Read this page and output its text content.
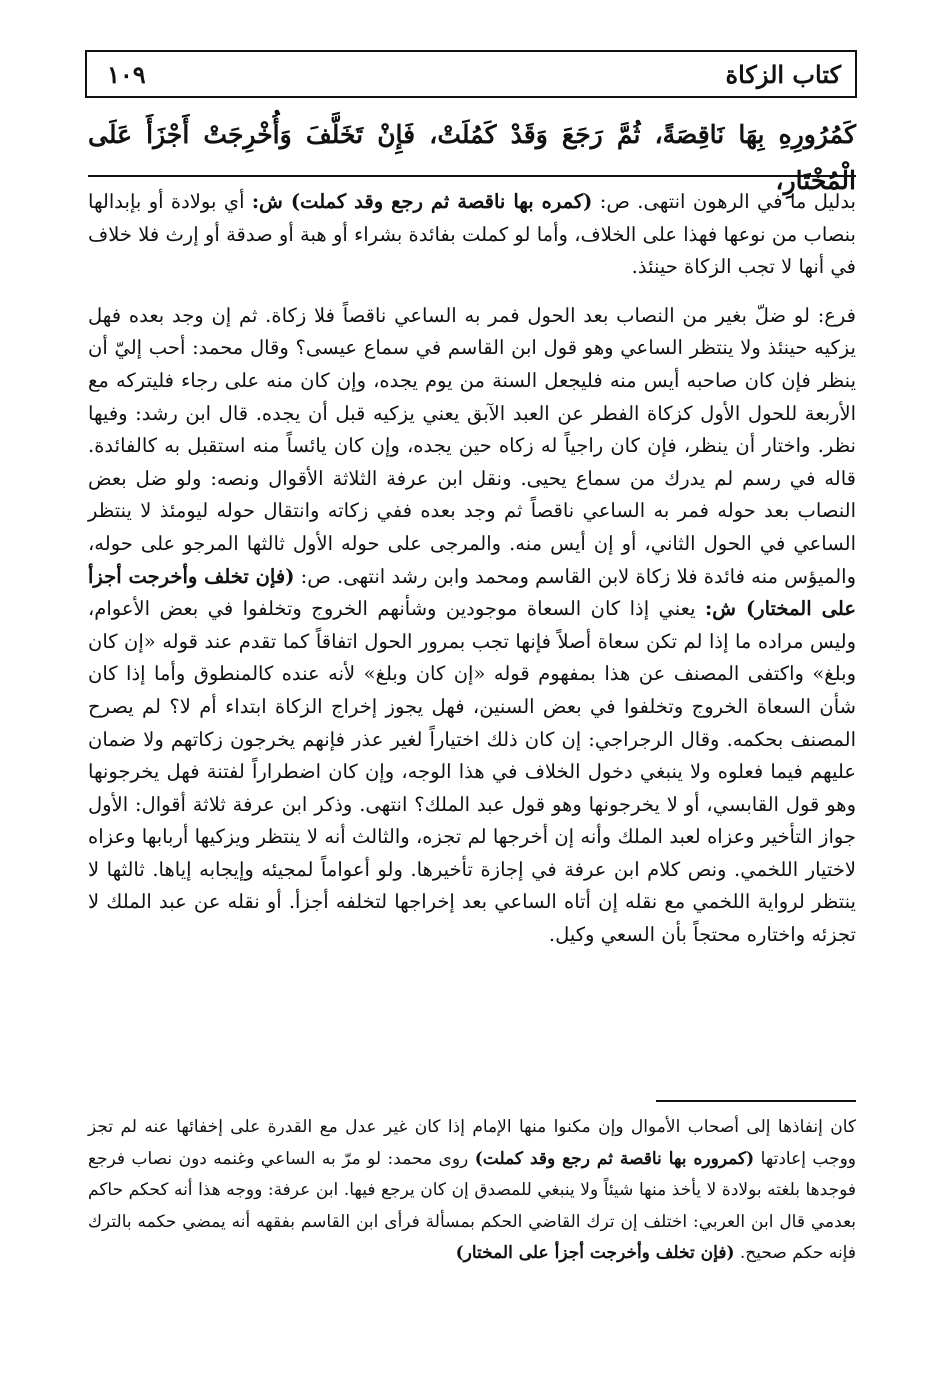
كتاب الزكاة
١٠٩
كَمُرُورِهِ بِهَا نَاقِصَةً، ثُمَّ رَجَعَ وَقَدْ كَمُلَتْ، فَإِنْ تَخَلَّفَ وَأُخْرِجَتْ أَجْزَأَ عَلَى الْمُخْتَارِ،

بدليل ما في الرهون انتهى. ص: (كمره بها ناقصة ثم رجع وقد كملت) ش: أي بولادة أو بإبدالها بنصاب من نوعها فهذا على الخلاف، وأما لو كملت بفائدة بشراء أو هبة أو صدقة أو إرث فلا خلاف في أنها لا تجب الزكاة حينئذ.

فرع: لو ضلّ بغير من النصاب بعد الحول فمر به الساعي ناقصاً فلا زكاة. ثم إن وجد بعده فهل يزكيه حينئذ ولا ينتظر الساعي وهو قول ابن القاسم في سماع عيسى؟ وقال محمد: أحب إليّ أن ينظر فإن كان صاحبه أيس منه فليجعل السنة من يوم يجده، وإن كان منه على رجاء فليتركه مع الأربعة للحول الأول كزكاة الفطر عن العبد الآبق يعني يزكيه قبل أن يجده. قال ابن رشد: وفيها نظر. واختار أن ينظر، فإن كان راجياً له زكاه حين يجده، وإن كان يائساً منه استقبل به كالفائدة. قاله في رسم لم يدرك من سماع يحيى. ونقل ابن عرفة الثلاثة الأقوال ونصه: ولو ضل بعض النصاب بعد حوله فمر به الساعي ناقصاً ثم وجد بعده ففي زكاته وانتقال حوله ليومئذ لا ينتظر الساعي في الحول الثاني، أو إن أيس منه. والمرجى على حوله الأول ثالثها المرجو على حوله، والميؤس منه فائدة فلا زكاة لابن القاسم ومحمد وابن رشد انتهى. ص: (فإن تخلف وأخرجت أجزأ على المختار) ش: يعني إذا كان السعاة موجودين وشأنهم الخروج وتخلفوا في بعض الأعوام، وليس مراده ما إذا لم تكن سعاة أصلاً فإنها تجب بمرور الحول اتفاقاً كما تقدم عند قوله «إن كان وبلغ» واكتفى المصنف عن هذا بمفهوم قوله «إن كان وبلغ» لأنه عنده كالمنطوق وأما إذا كان شأن السعاة الخروج وتخلفوا في بعض السنين، فهل يجوز إخراج الزكاة ابتداء أم لا؟ لم يصرح المصنف بحكمه. وقال الرجراجي: إن كان ذلك اختياراً لغير عذر فإنهم يخرجون زكاتهم ولا ضمان عليهم فيما فعلوه ولا ينبغي دخول الخلاف في هذا الوجه، وإن كان اضطراراً لفتنة فهل يخرجونها وهو قول القابسي، أو لا يخرجونها وهو قول عبد الملك؟ انتهى. وذكر ابن عرفة ثلاثة أقوال: الأول جواز التأخير وعزاه لعبد الملك وأنه إن أخرجها لم تجزه، والثالث أنه لا ينتظر ويزكيها أربابها وعزاه لاختيار اللخمي. ونص كلام ابن عرفة في إجازة تأخيرها. ولو أعواماً لمجيئه وإيجابه إياها. ثالثها لا ينتظر لرواية اللخمي مع نقله إن أتاه الساعي بعد إخراجها لتخلفه أجزأ. أو نقله عن عبد الملك لا تجزئه واختاره محتجاً بأن السعي وكيل.

كان إنفاذها إلى أصحاب الأموال وإن مكنوا منها الإمام إذا كان غير عدل مع القدرة على إخفائها عنه لم تجز ووجب إعادتها (كمروره بها ناقصة ثم رجع وقد كملت) روى محمد: لو مرّ به الساعي وغنمه دون نصاب فرجع فوجدها بلغته بولادة لا يأخذ منها شيئاً ولا ينبغي للمصدق إن كان يرجع فيها. ابن عرفة: ووجه هذا أنه كحكم حاكم بعدمي قال ابن العربي: اختلف إن ترك القاضي الحكم بمسألة فرأى ابن القاسم بفقهه أنه يمضي حكمه بالترك فإنه حكم صحيح. (فإن تخلف وأخرجت أجزأ على المختار)
